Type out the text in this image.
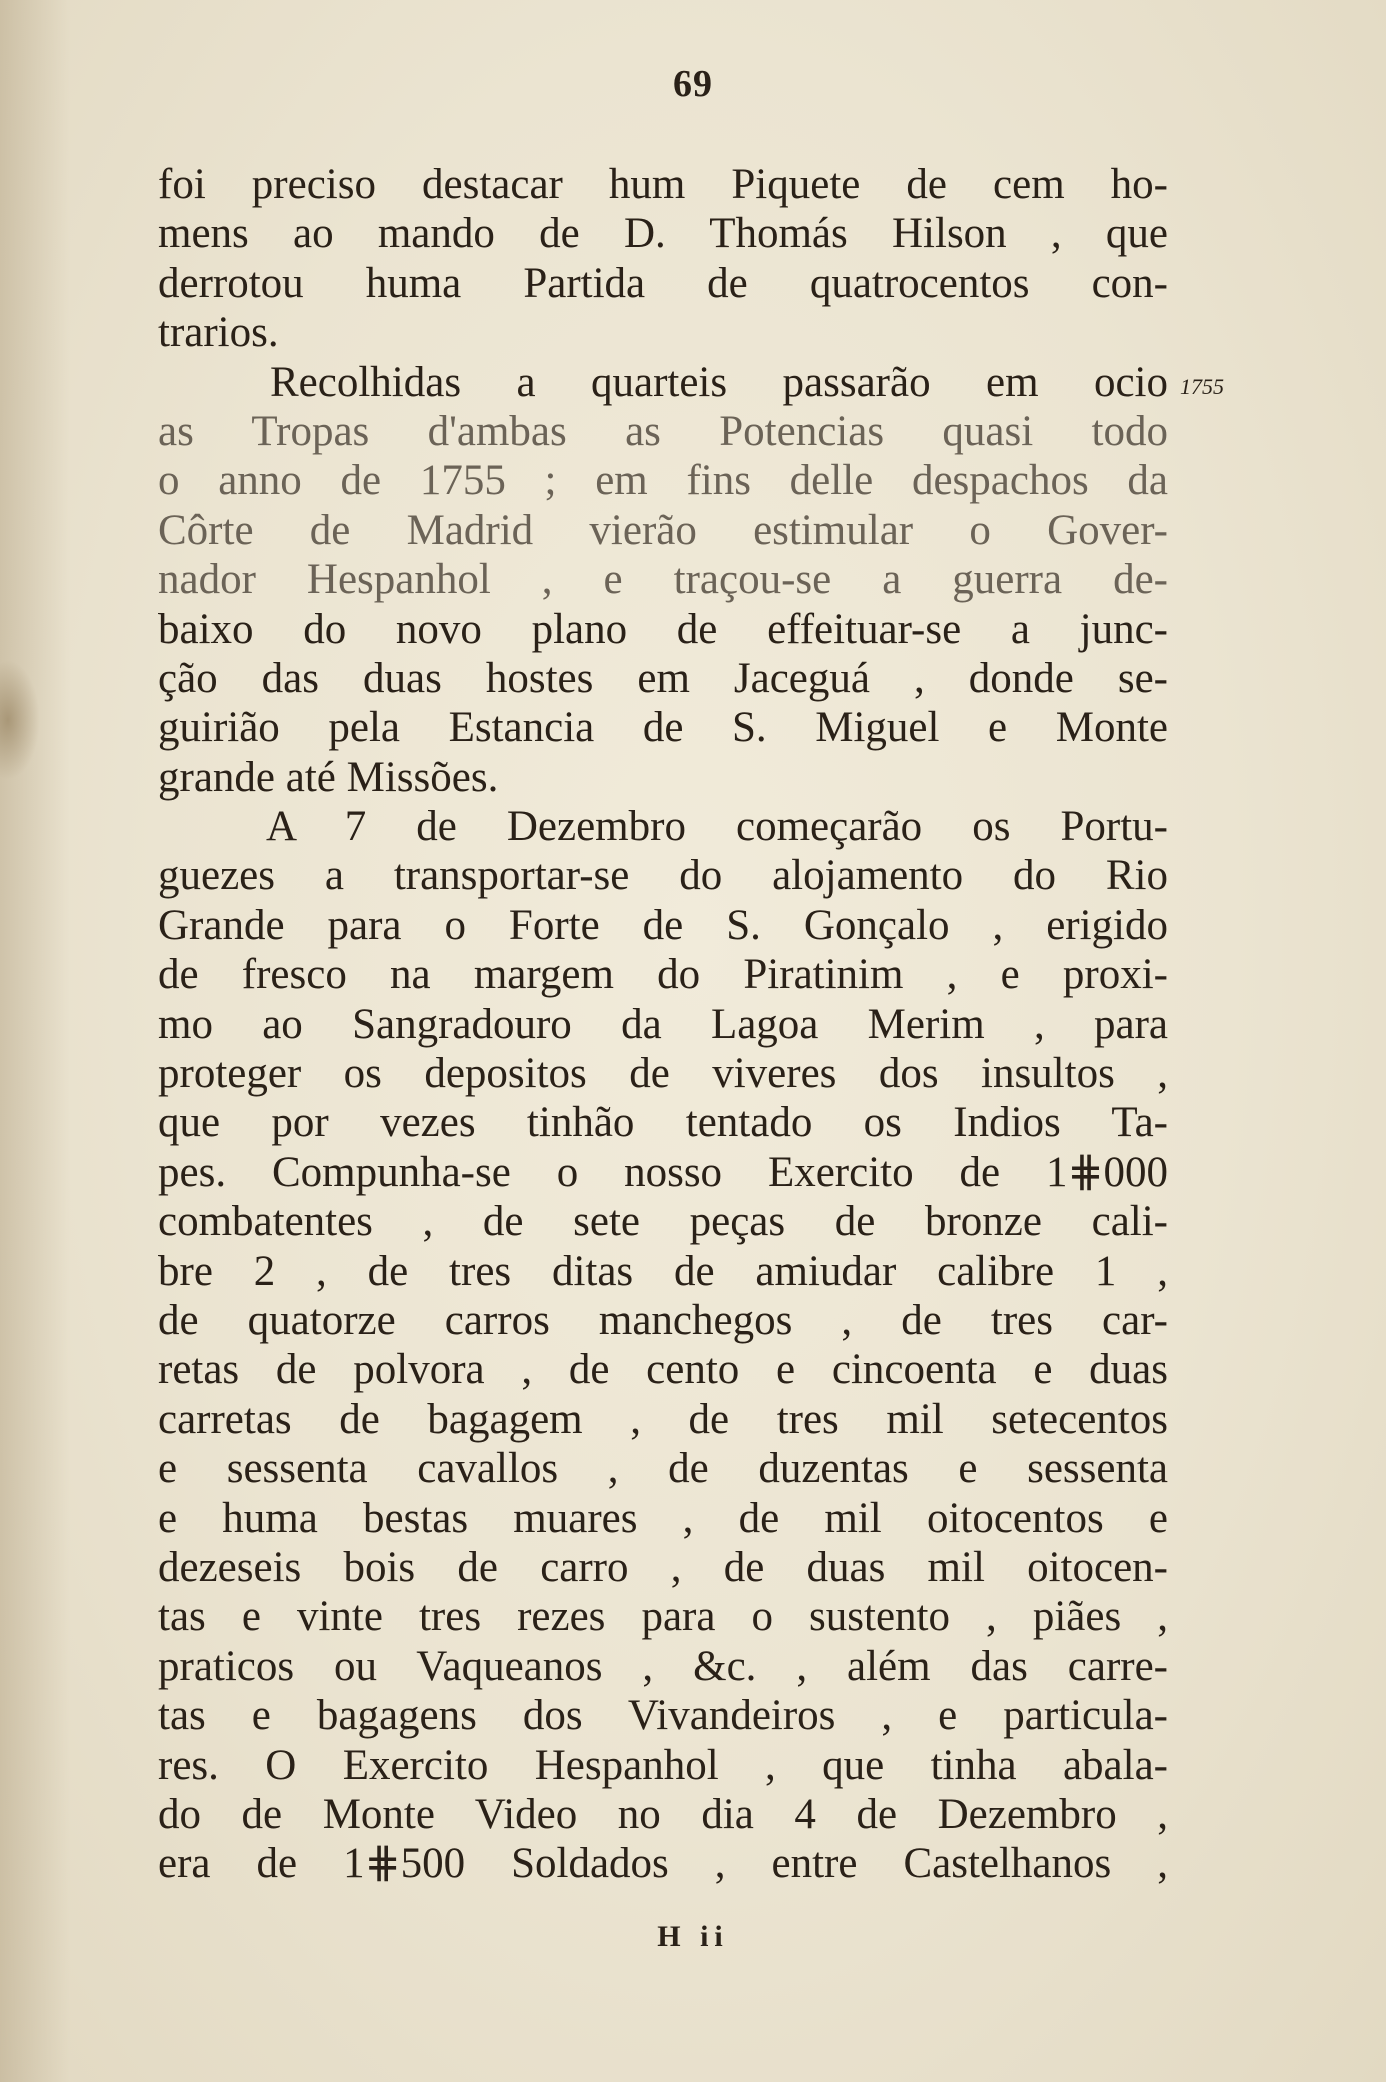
69
1755
foi preciso destacar hum Piquete de cem ho-
mens ao mando de D. Thomás Hilson , que
derrotou huma Partida de quatrocentos con-
trarios.
Recolhidas a quarteis passarão em ocio
as Tropas d'ambas as Potencias quasi todo
o anno de 1755 ; em fins delle despachos da
Côrte de Madrid vierão estimular o Gover-
nador Hespanhol , e traçou-se a guerra de-
baixo do novo plano de effeituar-se a junc-
ção das duas hostes em Jaceguá , donde se-
guirião pela Estancia de S. Miguel e Monte
grande até Missões.
A 7 de Dezembro começarão os Portu-
guezes a transportar-se do alojamento do Rio
Grande para o Forte de S. Gonçalo , erigido
de fresco na margem do Piratinim , e proxi-
mo ao Sangradouro da Lagoa Merim , para
proteger os depositos de viveres dos insultos ,
que por vezes tinhão tentado os Indios Ta-
pes. Compunha-se o nosso Exercito de 1⋕000
combatentes , de sete peças de bronze cali-
bre 2 , de tres ditas de amiudar calibre 1 ,
de quatorze carros manchegos , de tres car-
retas de polvora , de cento e cincoenta e duas
carretas de bagagem , de tres mil setecentos
e sessenta cavallos , de duzentas e sessenta
e huma bestas muares , de mil oitocentos e
dezeseis bois de carro , de duas mil oitocen-
tas e vinte tres rezes para o sustento , piães ,
praticos ou Vaqueanos , &c. , além das carre-
tas e bagagens dos Vivandeiros , e particula-
res. O Exercito Hespanhol , que tinha abala-
do de Monte Video no dia 4 de Dezembro ,
era de 1⋕500 Soldados , entre Castelhanos ,
H ii
